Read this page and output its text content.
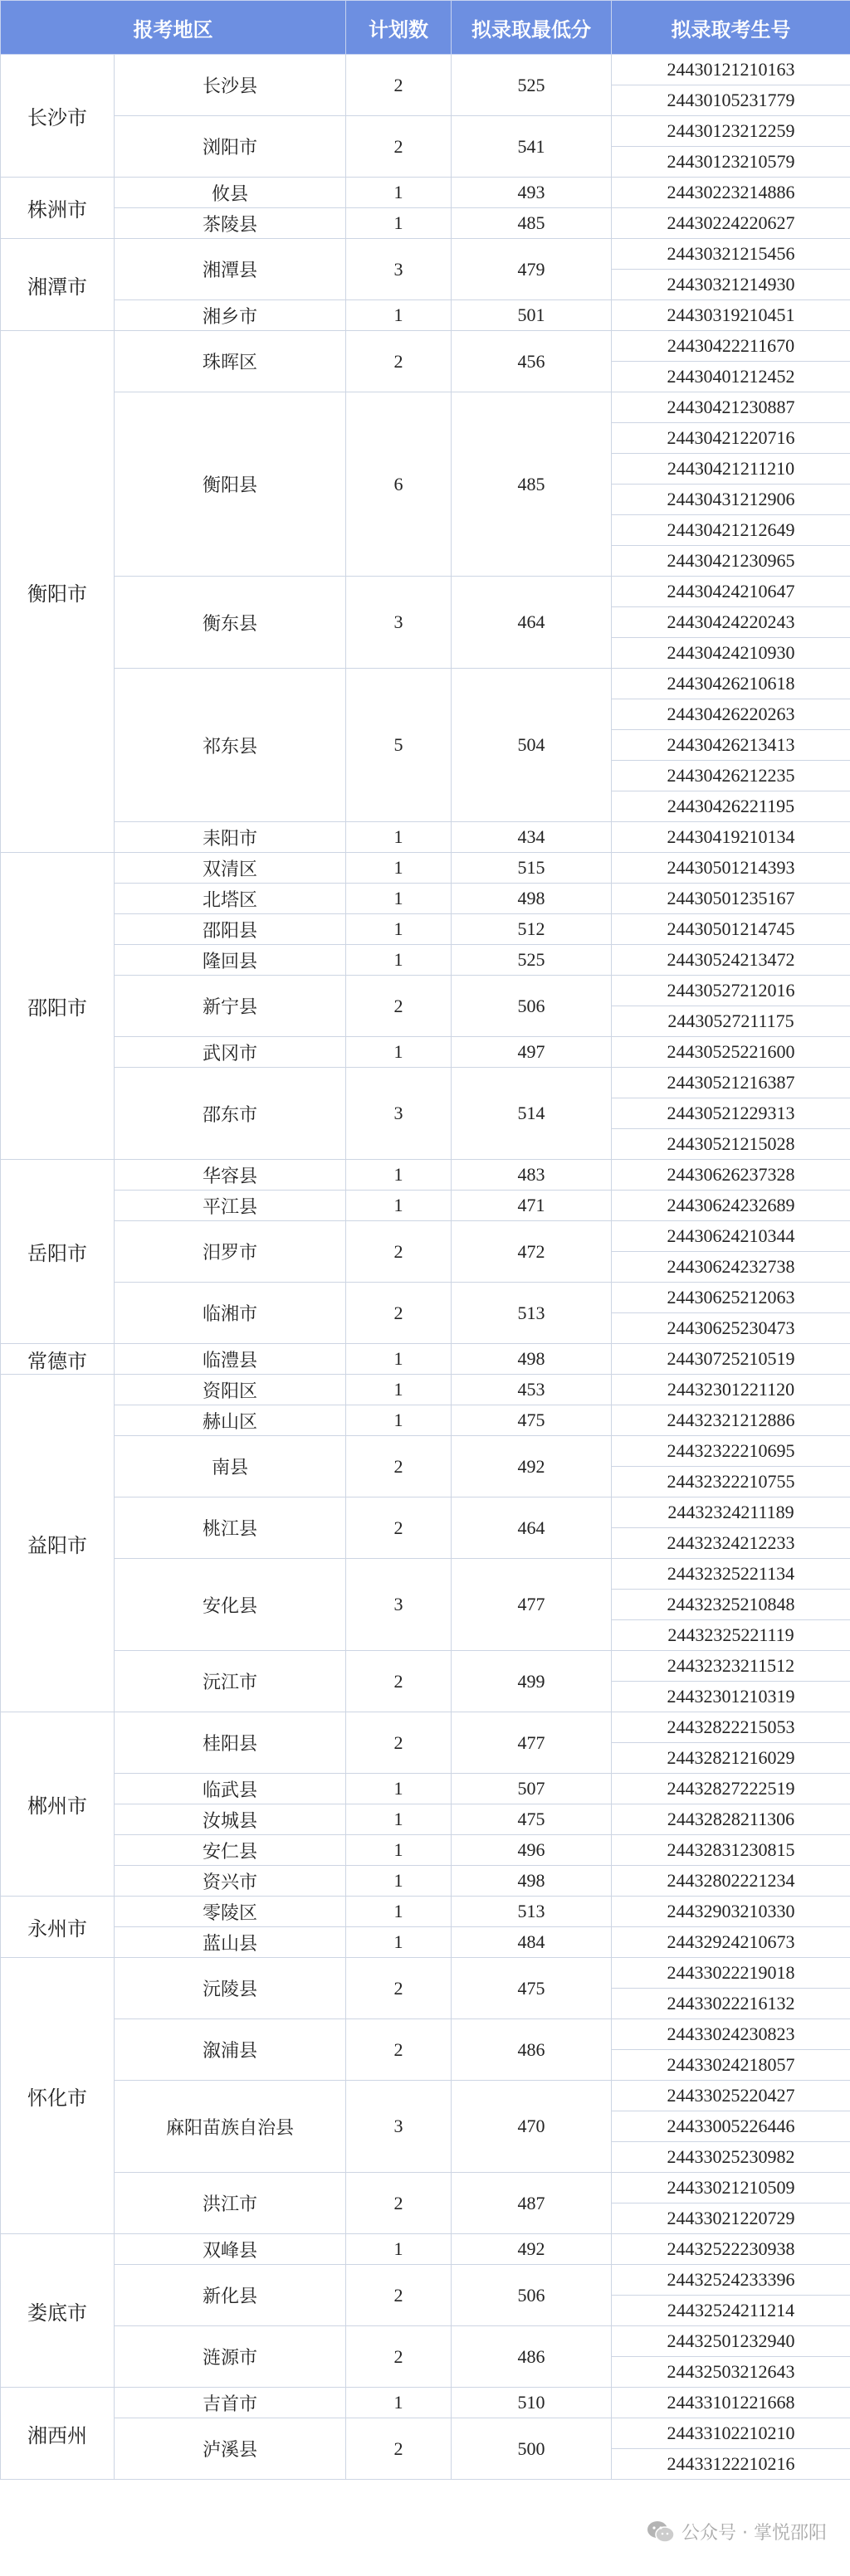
报考地区		计划数	拟录取最低分	拟录取考生号
长沙市	长沙县	2	525	24430121210163
				24430105231779
	浏阳市	2	541	24430123212259
				24430123210579
株洲市	攸县	1	493	24430223214886
	茶陵县	1	485	24430224220627
湘潭市	湘潭县	3	479	24430321215456
				24430321214930
	湘乡市	1	501	24430319210451
衡阳市	珠晖区	2	456	24430422211670
				24430401212452
	衡阳县	6	485	24430421230887
				24430421220716
				24430421211210
				24430431212906
				24430421212649
				24430421230965
	衡东县	3	464	24430424210647
				24430424220243
				24430424210930
	祁东县	5	504	24430426210618
				24430426220263
				24430426213413
				24430426212235
				24430426221195
	耒阳市	1	434	24430419210134
邵阳市	双清区	1	515	24430501214393
	北塔区	1	498	24430501235167
	邵阳县	1	512	24430501214745
	隆回县	1	525	24430524213472
	新宁县	2	506	24430527212016
				24430527211175
	武冈市	1	497	24430525221600
	邵东市	3	514	24430521216387
				24430521229313
				24430521215028
岳阳市	华容县	1	483	24430626237328
	平江县	1	471	24430624232689
	汨罗市	2	472	24430624210344
				24430624232738
	临湘市	2	513	24430625212063
				24430625230473
常德市	临澧县	1	498	24430725210519
益阳市	资阳区	1	453	24432301221120
	赫山区	1	475	24432321212886
	南县	2	492	24432322210695
				24432322210755
	桃江县	2	464	24432324211189
				24432324212233
	安化县	3	477	24432325221134
				24432325210848
				24432325221119
	沅江市	2	499	24432323211512
				24432301210319
郴州市	桂阳县	2	477	24432822215053
				24432821216029
	临武县	1	507	24432827222519
	汝城县	1	475	24432828211306
	安仁县	1	496	24432831230815
	资兴市	1	498	24432802221234
永州市	零陵区	1	513	24432903210330
	蓝山县	1	484	24432924210673
怀化市	沅陵县	2	475	24433022219018
				24433022216132
	溆浦县	2	486	24433024230823
				24433024218057
	麻阳苗族自治县	3	470	24433025220427
				24433005226446
				24433025230982
	洪江市	2	487	24433021210509
				24433021220729
娄底市	双峰县	1	492	24432522230938
	新化县	2	506	24432524233396
				24432524211214
	涟源市	2	486	24432501232940
				24432503212643
湘西州	吉首市	1	510	24433101221668
	泸溪县	2	500	24433102210210
				24433122210216
公众号 · 掌悦邵阳
